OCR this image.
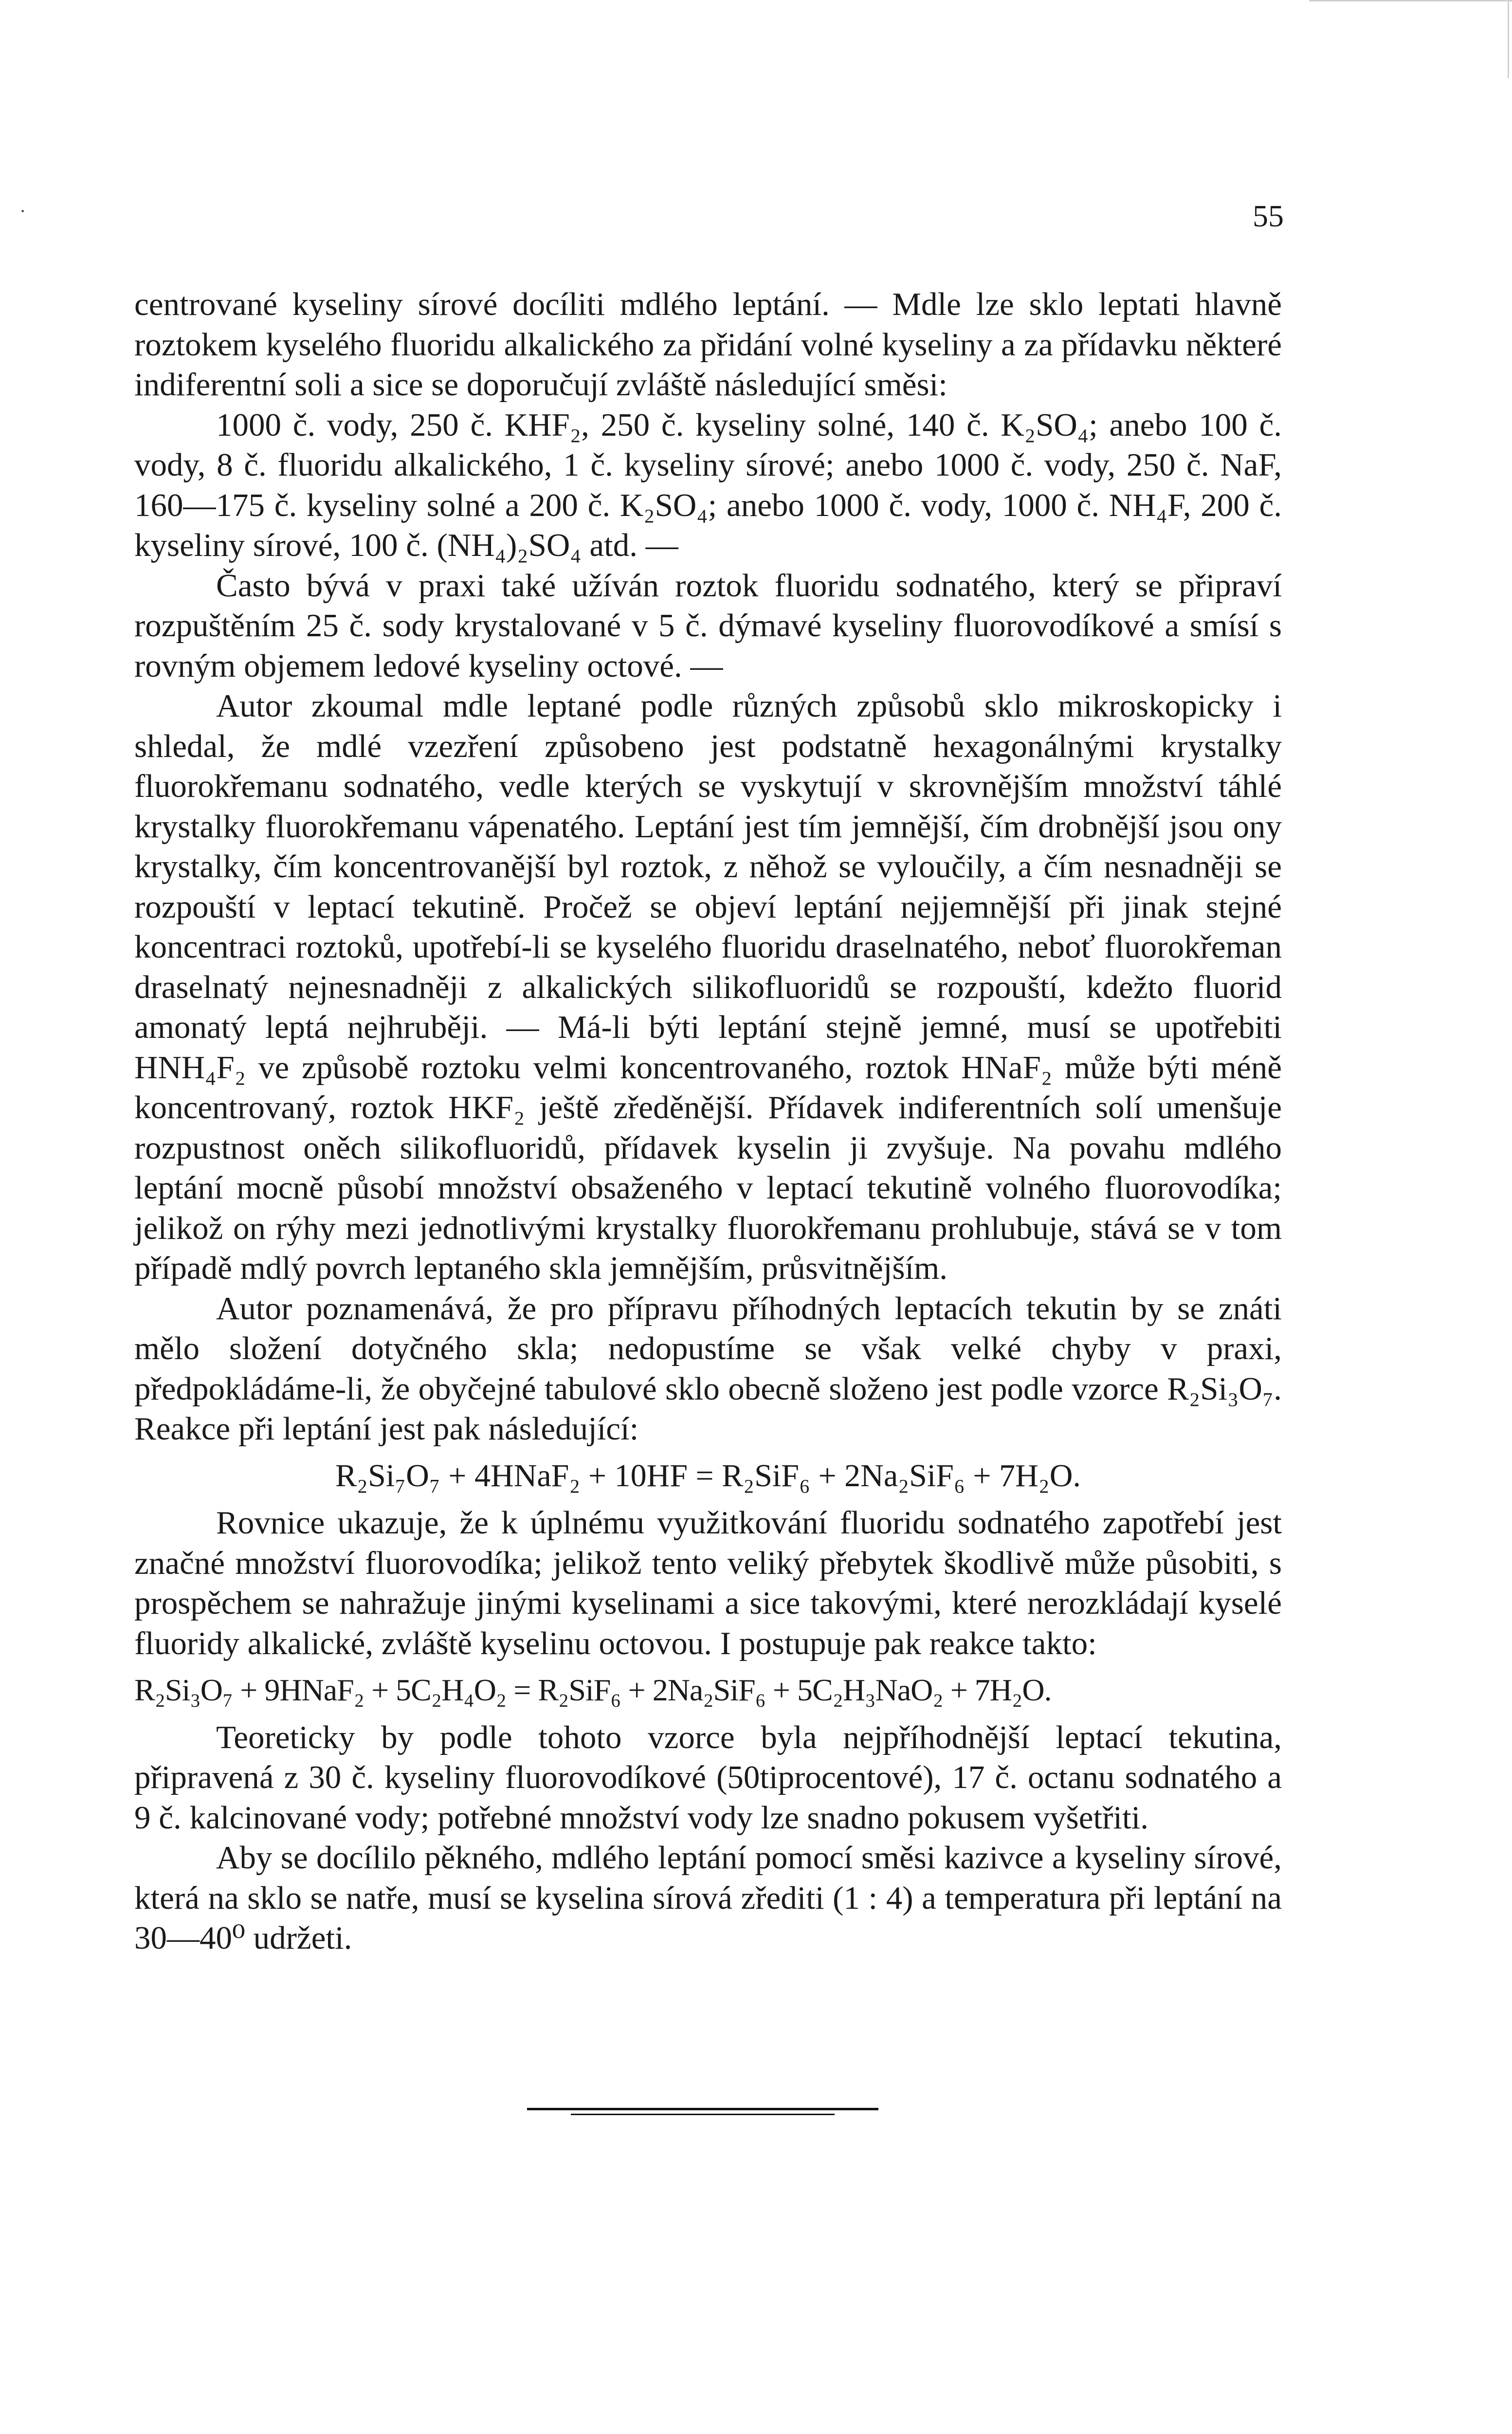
·	55

centrované kyseliny sírové docíliti mdlého leptání. — Mdle lze sklo leptati hlavně roztokem kyselého fluoridu alkalického za přidání volné kyseliny a za přídavku některé indiferentní soli a sice se doporučují zvláště následující směsi:

1000 č. vody, 250 č. KHF₂, 250 č. kyseliny solné, 140 č. K₂SO₄; anebo 100 č. vody, 8 č. fluoridu alkalického, 1 č. kyseliny sírové; anebo 1000 č. vody, 250 č. NaF, 160—175 č. kyseliny solné a 200 č. K₂SO₄; anebo 1000 č. vody, 1000 č. NH₄F, 200 č. kyseliny sírové, 100 č. (NH₄)₂SO₄ atd. —

Často bývá v praxi také užíván roztok fluoridu sodnatého, který se připraví rozpuštěním 25 č. sody krystalované v 5 č. dýmavé kyseliny fluorovodíkové a smísí s rovným objemem ledové kyseliny octové. —

Autor zkoumal mdle leptané podle různých způsobů sklo mikroskopicky i shledal, že mdlé vzezření způsobeno jest podstatně hexagonálnými krystalky fluorokřemanu sodnatého, vedle kterých se vyskytují v skrovnějším množství táhlé krystalky fluorokřemanu vápenatého. Leptání jest tím jemnější, čím drobnější jsou ony krystalky, čím koncentrovanější byl roztok, z něhož se vyloučily, a čím nesnadněji se rozpouští v leptací tekutině. Pročež se objeví leptání nejjemnější při jinak stejné koncentraci roztoků, upotřebí-li se kyselého fluoridu draselnatého, neboť fluorokřeman draselnatý nejnesnadněji z alkalických silikofluoridů se rozpouští, kdežto fluorid amonatý leptá nejhruběji. — Má-li býti leptání stejně jemné, musí se upotřebiti HNH₄F₂ ve způsobě roztoku velmi koncentrovaného, roztok HNaF₂ může býti méně koncentrovaný, roztok HKF₂ ještě zředěnější. Přídavek indiferentních solí umenšuje rozpustnost oněch silikofluoridů, přídavek kyselin ji zvyšuje. Na povahu mdlého leptání mocně působí množství obsaženého v leptací tekutině volného fluorovodíka; jelikož on rýhy mezi jednotlivými krystalky fluorokřemanu prohlubuje, stává se v tom případě mdlý povrch leptaného skla jemnějším, průsvitnějším.

Autor poznamenává, že pro přípravu příhodných leptacích tekutin by se znáti mělo složení dotyčného skla; nedopustíme se však velké chyby v praxi, předpokládáme-li, že obyčejné tabulové sklo obecně složeno jest podle vzorce R₂Si₃O₇. Reakce při leptání jest pak následující:

R₂Si₇O₇ + 4HNaF₂ + 10HF = R₂SiF₆ + 2Na₂SiF₆ + 7H₂O.

Rovnice ukazuje, že k úplnému využitkování fluoridu sodnatého zapotřebí jest značné množství fluorovodíka; jelikož tento veliký přebytek škodlivě může působiti, s prospěchem se nahražuje jinými kyselinami a sice takovými, které nerozkládají kyselé fluoridy alkalické, zvláště kyselinu octovou. I postupuje pak reakce takto:

R₂Si₃O₇ + 9HNaF₂ + 5C₂H₄O₂ = R₂SiF₆ + 2Na₂SiF₆ + 5C₂H₃NaO₂ + 7H₂O.

Teoreticky by podle tohoto vzorce byla nejpříhodnější leptací tekutina, připravená z 30 č. kyseliny fluorovodíkové (50tiprocentové), 17 č. octanu sodnatého a 9 č. kalcinované vody; potřebné množství vody lze snadno pokusem vyšetřiti.

Aby se docílilo pěkného, mdlého leptání pomocí směsi kazivce a kyseliny sírové, která na sklo se natře, musí se kyselina sírová zřediti (1 : 4) a temperatura při leptání na 30—40⁰ udržeti.
